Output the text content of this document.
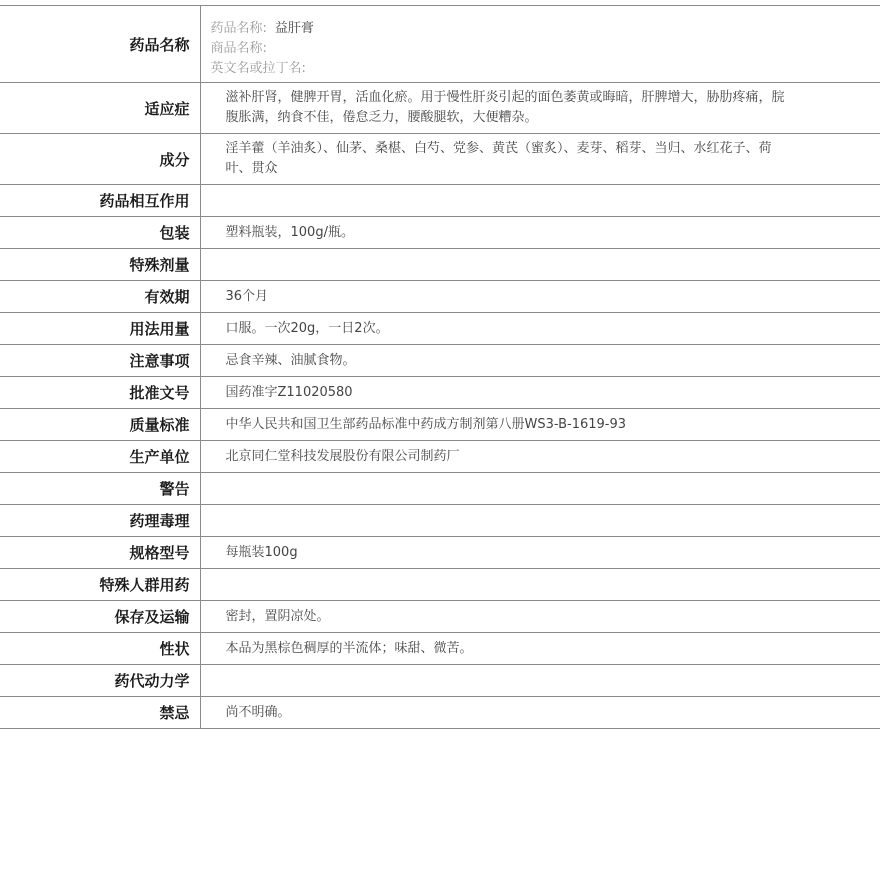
药品名称	药品名称: 益肝膏
商品名称:
英文名或拉丁名:

适应症	滋补肝肾，健脾开胃，活血化瘀。用于慢性肝炎引起的面色萎黄或晦暗，肝脾增大，胁肋疼痛，脘腹胀满，纳食不佳，倦怠乏力，腰酸腿软，大便糟杂。
成分	淫羊藿（羊油炙）、仙茅、桑椹、白芍、党参、黄芪（蜜炙）、麦芽、稻芽、当归、水红花子、荷叶、贯众
药品相互作用	
包装	塑料瓶装，100g/瓶。
特殊剂量	
有效期	36个月
用法用量	口服。一次20g，一日2次。
注意事项	忌食辛辣、油腻食物。
批准文号	国药准字Z11020580
质量标准	中华人民共和国卫生部药品标准中药成方制剂第八册WS3-B-1619-93
生产单位	北京同仁堂科技发展股份有限公司制药厂
警告	
药理毒理	
规格型号	每瓶装100g
特殊人群用药	
保存及运输	密封，置阴凉处。
性状	本品为黑棕色稠厚的半流体；味甜、微苦。
药代动力学	
禁忌	尚不明确。
